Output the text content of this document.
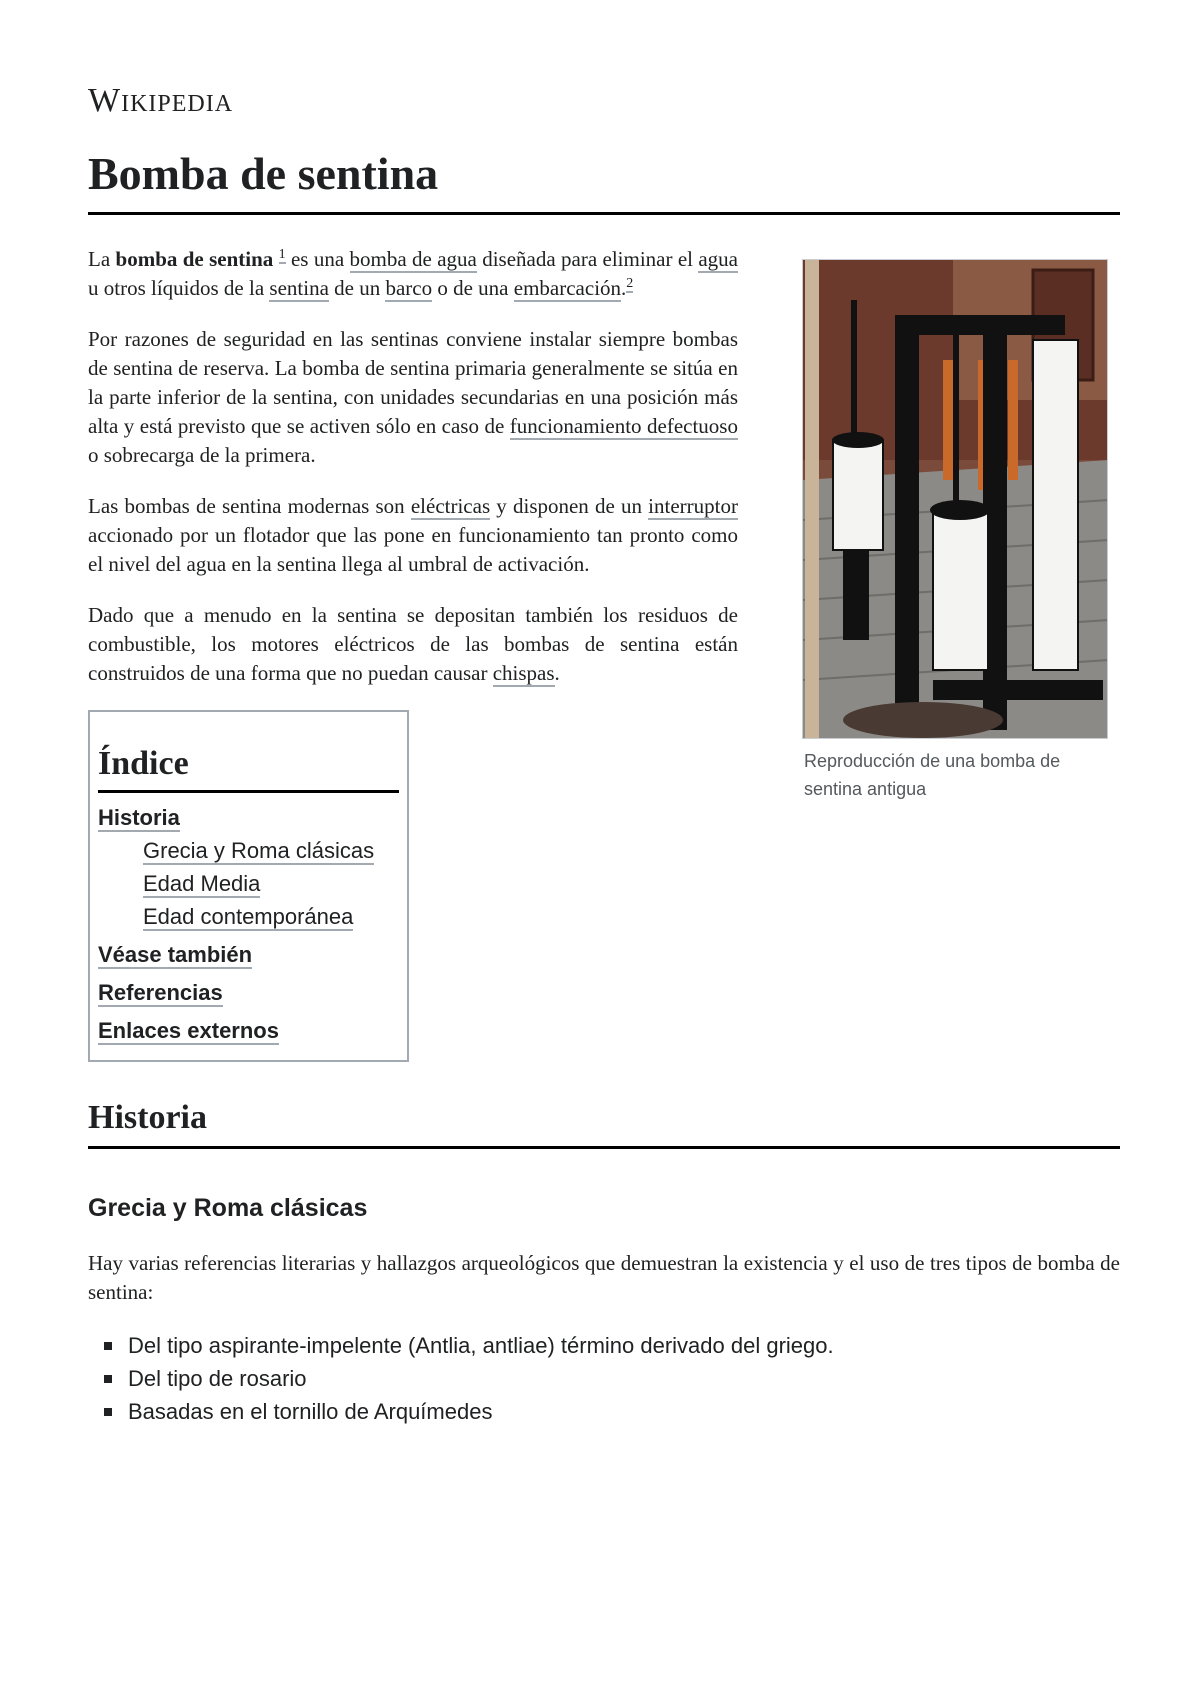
Wikipedia
Bomba de sentina
Reproducción de una bomba de sentina antigua

La bomba de sentina $^1$ es una bomba de agua diseñada para eliminar el agua u otros líquidos de la sentina de un barco o de una embarcación.$^2$

Por razones de seguridad en las sentinas conviene instalar siempre bombas de sentina de reserva. La bomba de sentina primaria generalmente se sitúa en la parte inferior de la sentina, con unidades secundarias en una posición más alta y está previsto que se activen sólo en caso de funcionamiento defectuoso o sobrecarga de la primera.

Las bombas de sentina modernas son eléctricas y disponen de un interruptor accionado por un flotador que las pone en funcionamiento tan pronto como el nivel del agua en la sentina llega al umbral de activación.

Dado que a menudo en la sentina se depositan también los residuos de combustible, los motores eléctricos de las bombas de sentina están construidos de una forma que no puedan causar chispas.

Índice
Historia
Grecia y Roma clásicas
Edad Media
Edad contemporánea
Véase también
Referencias
Enlaces externos
Historia
Grecia y Roma clásicas

Hay varias referencias literarias y hallazgos arqueológicos que demuestran la existencia y el uso de tres tipos de bomba de sentina:

Del tipo aspirante-impelente (Antlia, antliae) término derivado del griego.
Del tipo de rosario
Basadas en el tornillo de Arquímedes
